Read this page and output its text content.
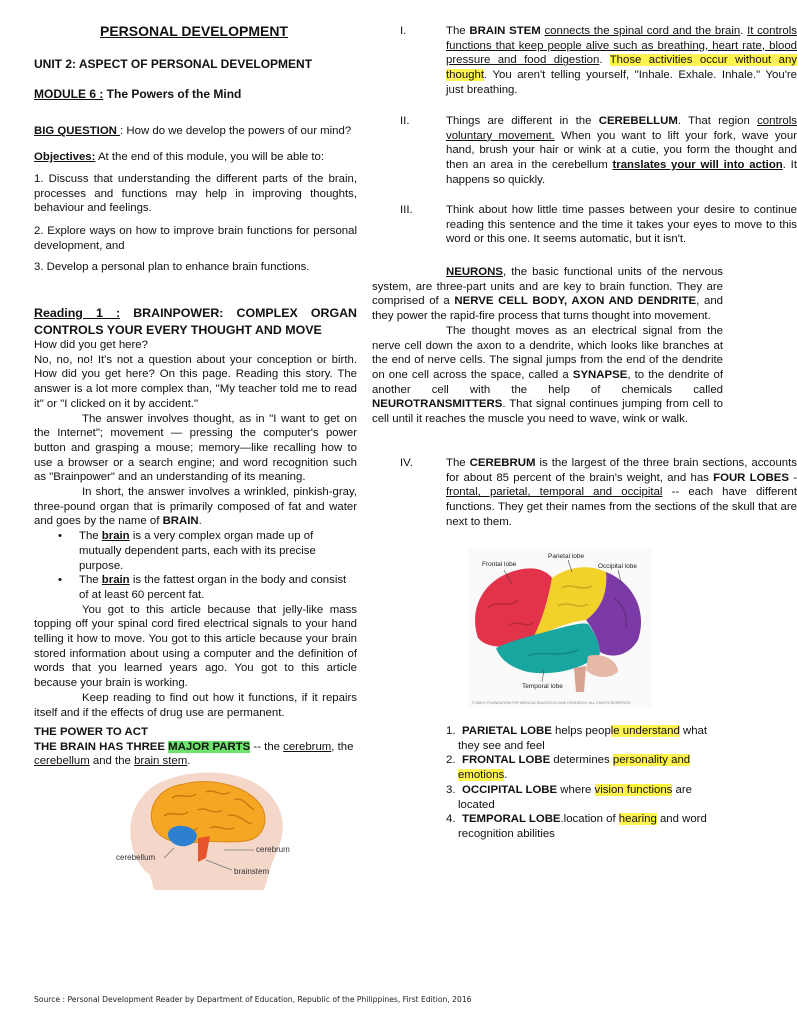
PERSONAL DEVELOPMENT
UNIT 2: ASPECT OF PERSONAL DEVELOPMENT
MODULE 6 : The Powers of the Mind
BIG QUESTION : How do we develop the powers of our mind?
Objectives: At the end of this module, you will be able to:

1. Discuss that understanding the different parts of the brain, processes and functions may help in improving thoughts, behaviour and feelings.

2. Explore ways on how to improve brain functions for personal development, and

3. Develop a personal plan to enhance brain functions.

Reading 1 : BRAINPOWER: COMPLEX ORGAN CONTROLS YOUR EVERY THOUGHT AND MOVE

How did you get here?

No, no, no! It's not a question about your conception or birth. How did you get here? On this page. Reading this story. The answer is a lot more complex than, "My teacher told me to read it" or "I clicked on it by accident."

The answer involves thought, as in "I want to get on the Internet"; movement — pressing the computer's power button and grasping a mouse; memory—like recalling how to use a browser or a search engine; and word recognition such as "Brainpower" and an understanding of its meaning.

In short, the answer involves a wrinkled, pinkish-gray, three-pound organ that is primarily composed of fat and water and goes by the name of BRAIN.

• The brain is a very complex organ made up of mutually dependent parts, each with its precise purpose.

• The brain is the fattest organ in the body and consist of at least 60 percent fat.

You got to this article because that jelly-like mass topping off your spinal cord fired electrical signals to your hand telling it how to move. You got to this article because your brain stored information about using a computer and the definition of words that you learned years ago. You got to this article because your brain is working.

Keep reading to find out how it functions, if it repairs itself and if the effects of drug use are permanent.

THE POWER TO ACT

THE BRAIN HAS THREE MAJOR PARTS -- the cerebrum, the cerebellum and the brain stem.

cerebrum
cerebellum
brainstem

I.	The BRAIN STEM connects the spinal cord and the brain. It controls functions that keep people alive such as breathing, heart rate, blood pressure and food digestion. Those activities occur without any thought. You aren't telling yourself, "Inhale. Exhale. Inhale." You're just breathing.

II.	Things are different in the CEREBELLUM. That region controls voluntary movement. When you want to lift your fork, wave your hand, brush your hair or wink at a cutie, you form the thought and then an area in the cerebellum translates your will into action. It happens so quickly.

III.	Think about how little time passes between your desire to continue reading this sentence and the time it takes your eyes to move to this word or this one. It seems automatic, but it isn't.

NEURONS, the basic functional units of the nervous system, are three-part units and are key to brain function. They are comprised of a NERVE CELL BODY, AXON AND DENDRITE, and they power the rapid-fire process that turns thought into movement.

The thought moves as an electrical signal from the nerve cell down the axon to a dendrite, which looks like branches at the end of nerve cells. The signal jumps from the end of the dendrite on one cell across the space, called a SYNAPSE, to the dendrite of another cell with the help of chemicals called NEUROTRANSMITTERS. That signal continues jumping from cell to cell until it reaches the muscle you need to wave, wink or walk.

IV.	The CEREBRUM is the largest of the three brain sections, accounts for about 85 percent of the brain's weight, and has FOUR LOBES - frontal, parietal, temporal and occipital -- each have different functions. They get their names from the sections of the skull that are next to them.

Frontal lobe
Parietal lobe
Occipital lobe
Temporal lobe
© MAYO FOUNDATION FOR MEDICAL EDUCATION AND RESEARCH. ALL RIGHTS RESERVED.
1. PARIETAL LOBE helps people understand what they see and feel
2. FRONTAL LOBE determines personality and emotions.
3. OCCIPITAL LOBE where vision functions are located
4. TEMPORAL LOBE.location of hearing and word recognition abilities
Source : Personal Development Reader by Department of Education, Republic of the Philippines, First Edition, 2016
